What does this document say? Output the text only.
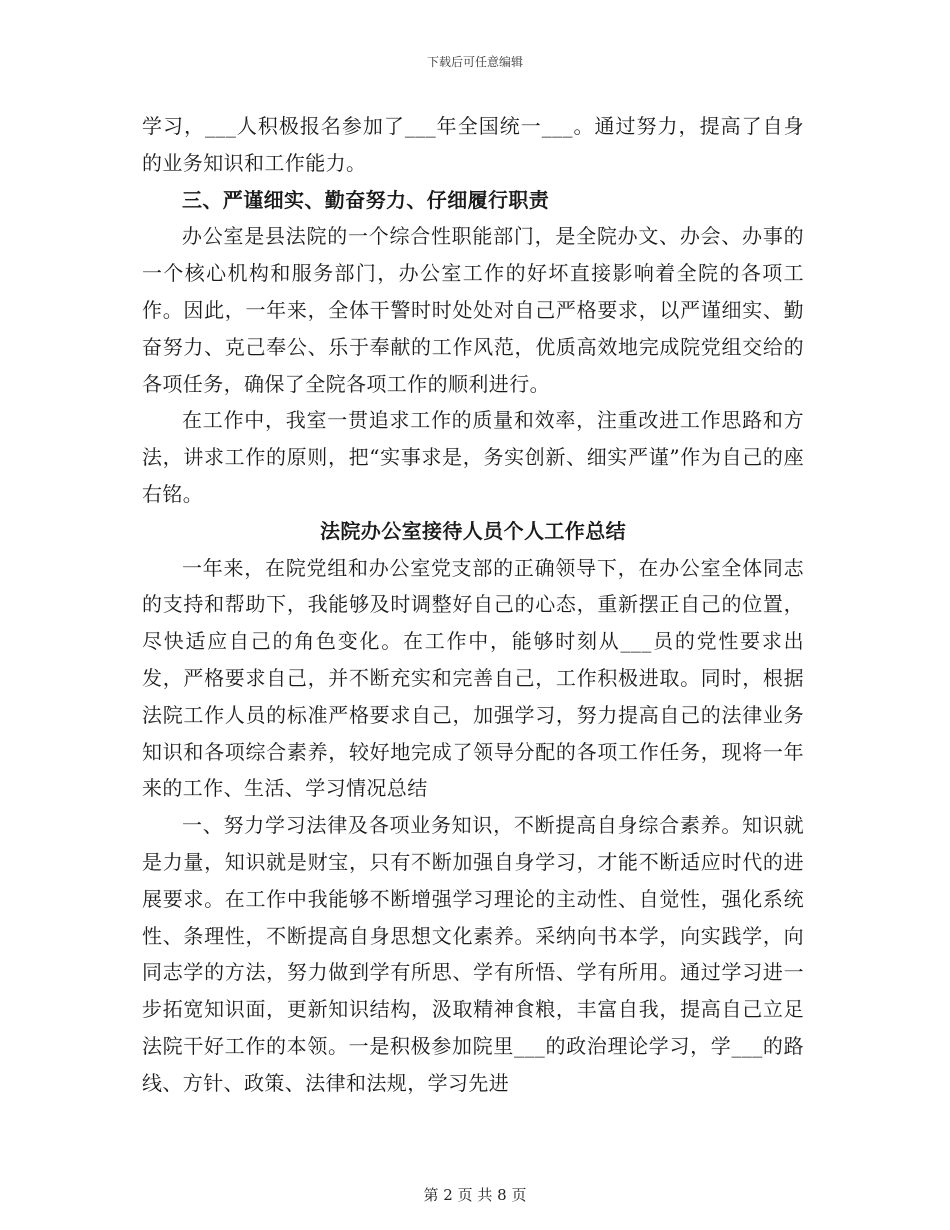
下载后可任意编辑

学习，___人积极报名参加了___年全国统一___。通过努力，提高了自身的业务知识和工作能力。

三、严谨细实、勤奋努力、仔细履行职责

办公室是县法院的一个综合性职能部门，是全院办文、办会、办事的一个核心机构和服务部门，办公室工作的好坏直接影响着全院的各项工作。因此，一年来，全体干警时时处处对自己严格要求，以严谨细实、勤奋努力、克己奉公、乐于奉献的工作风范，优质高效地完成院党组交给的各项任务，确保了全院各项工作的顺利进行。

在工作中，我室一贯追求工作的质量和效率，注重改进工作思路和方法，讲求工作的原则，把“实事求是，务实创新、细实严谨”作为自己的座右铭。

法院办公室接待人员个人工作总结

一年来，在院党组和办公室党支部的正确领导下，在办公室全体同志的支持和帮助下，我能够及时调整好自己的心态，重新摆正自己的位置，尽快适应自己的角色变化。在工作中，能够时刻从___员的党性要求出发，严格要求自己，并不断充实和完善自己，工作积极进取。同时，根据法院工作人员的标准严格要求自己，加强学习，努力提高自己的法律业务知识和各项综合素养，较好地完成了领导分配的各项工作任务，现将一年来的工作、生活、学习情况总结

一、努力学习法律及各项业务知识，不断提高自身综合素养。知识就是力量，知识就是财宝，只有不断加强自身学习，才能不断适应时代的进展要求。在工作中我能够不断增强学习理论的主动性、自觉性，强化系统性、条理性，不断提高自身思想文化素养。采纳向书本学，向实践学，向同志学的方法，努力做到学有所思、学有所悟、学有所用。通过学习进一步拓宽知识面，更新知识结构，汲取精神食粮，丰富自我，提高自己立足法院干好工作的本领。一是积极参加院里___的政治理论学习，学___的路线、方针、政策、法律和法规，学习先进

第 2 页 共 8 页
